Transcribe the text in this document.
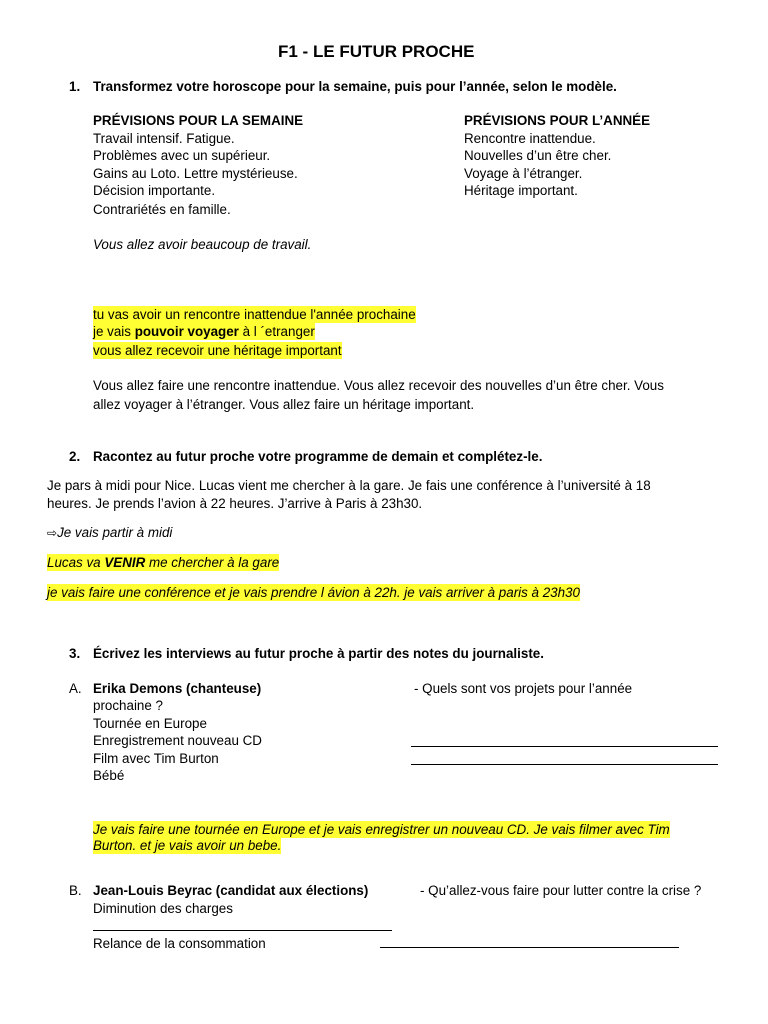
F1 - LE FUTUR PROCHE
1. Transformez votre horoscope pour la semaine, puis pour l’année, selon le modèle.
PRÉVISIONS POUR LA SEMAINE
Travail intensif. Fatigue.
Problèmes avec un supérieur.
Gains au Loto. Lettre mystérieuse.
Décision importante.
Contrariétés en famille.
PRÉVISIONS POUR L’ANNÉE
Rencontre inattendue.
Nouvelles d’un être cher.
Voyage à l’étranger.
Héritage important.
Vous allez avoir beaucoup de travail.
tu vas avoir un rencontre inattendue l'année prochaine
je vais pouvoir voyager à l ´etranger
vous allez recevoir une héritage important
Vous allez faire une rencontre inattendue. Vous allez recevoir des nouvelles d’un être cher. Vous
allez voyager à l’étranger. Vous allez faire un héritage important.
2. Racontez au futur proche votre programme de demain et complétez-le.
Je pars à midi pour Nice. Lucas vient me chercher à la gare. Je fais une conférence à l’université à 18
heures. Je prends l’avion à 22 heures. J’arrive à Paris à 23h30.
⇨Je vais partir à midi
Lucas va VENIR me chercher à la gare
je vais faire une conférence et je vais prendre l ávion à 22h. je vais arriver à paris à 23h30
3. Écrivez les interviews au futur proche à partir des notes du journaliste.
A. Erika Demons (chanteuse)	- Quels sont vos projets pour l’année
prochaine ?
Tournée en Europe
Enregistrement nouveau CD
Film avec Tim Burton
Bébé
Je vais faire une tournée en Europe et je vais enregistrer un nouveau CD. Je vais filmer avec Tim
Burton. et je vais avoir un bebe.
B. Jean-Louis Beyrac (candidat aux élections)	- Qu’allez-vous faire pour lutter contre la crise ?
Diminution des charges
Relance de la consommation
